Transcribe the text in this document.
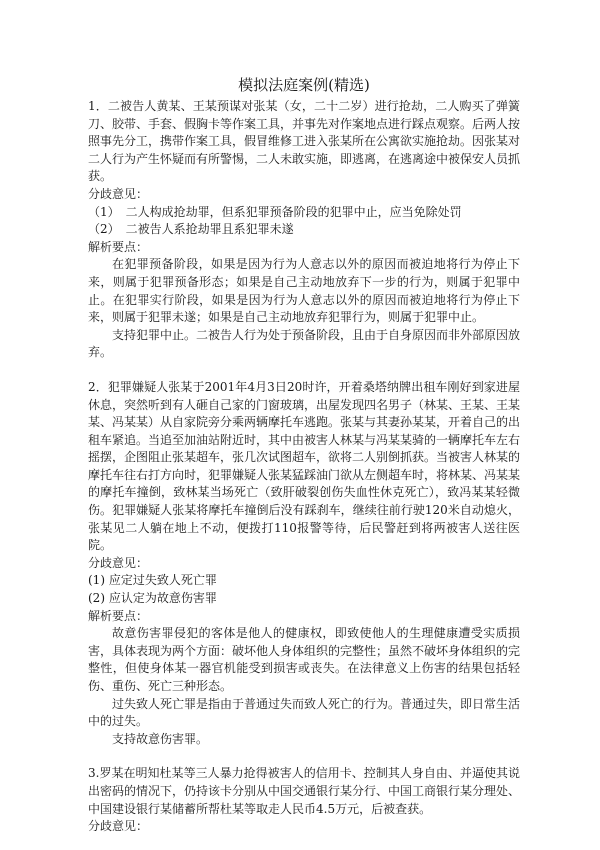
模拟法庭案例(精选)

1．二被告人黄某、王某预谋对张某（女，二十二岁）进行抢劫，二人购买了弹簧刀、胶带、手套、假胸卡等作案工具，并事先对作案地点进行踩点观察。后两人按照事先分工，携带作案工具，假冒维修工进入张某所在公寓欲实施抢劫。因张某对二人行为产生怀疑而有所警惕，二人未敢实施，即逃离，在逃离途中被保安人员抓获。

分歧意见：

（1）　二人构成抢劫罪，但系犯罪预备阶段的犯罪中止，应当免除处罚

（2）　二被告人系抢劫罪且系犯罪未遂

解析要点：

在犯罪预备阶段，如果是因为行为人意志以外的原因而被迫地将行为停止下来，则属于犯罪预备形态；如果是自己主动地放弃下一步的行为，则属于犯罪中止。在犯罪实行阶段，如果是因为行为人意志以外的原因而被迫地将行为停止下来，则属于犯罪未遂；如果是自己主动地放弃犯罪行为，则属于犯罪中止。

支持犯罪中止。二被告人行为处于预备阶段，且由于自身原因而非外部原因放弃。

2．犯罪嫌疑人张某于2001年4月3日20时许，开着桑塔纳牌出租车刚好到家进屋休息，突然听到有人砸自己家的门窗玻璃，出屋发现四名男子（林某、王某、王某某、冯某某）从自家院旁分乘两辆摩托车逃跑。张某与其妻孙某某，开着自己的出租车紧追。当追至加油站附近时，其中由被害人林某与冯某某骑的一辆摩托车左右摇摆，企图阻止张某超车，张几次试图超车，欲将二人别倒抓获。当被害人林某的摩托车往右打方向时，犯罪嫌疑人张某猛踩油门欲从左侧超车时，将林某、冯某某的摩托车撞倒，致林某当场死亡（致肝破裂创伤失血性休克死亡），致冯某某轻微伤。犯罪嫌疑人张某将摩托车撞倒后没有踩刹车，继续往前行驶120米自动熄火，张某见二人躺在地上不动，便拨打110报警等待，后民警赶到将两被害人送往医院。

分歧意见：

(1) 应定过失致人死亡罪

(2) 应认定为故意伤害罪

解析要点：

故意伤害罪侵犯的客体是他人的健康权，即致使他人的生理健康遭受实质损害，具体表现为两个方面：破坏他人身体组织的完整性；虽然不破坏身体组织的完整性，但使身体某一器官机能受到损害或丧失。在法律意义上伤害的结果包括轻伤、重伤、死亡三种形态。

过失致人死亡罪是指由于普通过失而致人死亡的行为。普通过失，即日常生活中的过失。

支持故意伤害罪。

3.罗某在明知杜某等三人暴力抢得被害人的信用卡、控制其人身自由、并逼使其说出密码的情况下，仍持该卡分别从中国交通银行某分行、中国工商银行某分理处、中国建设银行某储蓄所帮杜某等取走人民币4.5万元，后被查获。

分歧意见：
